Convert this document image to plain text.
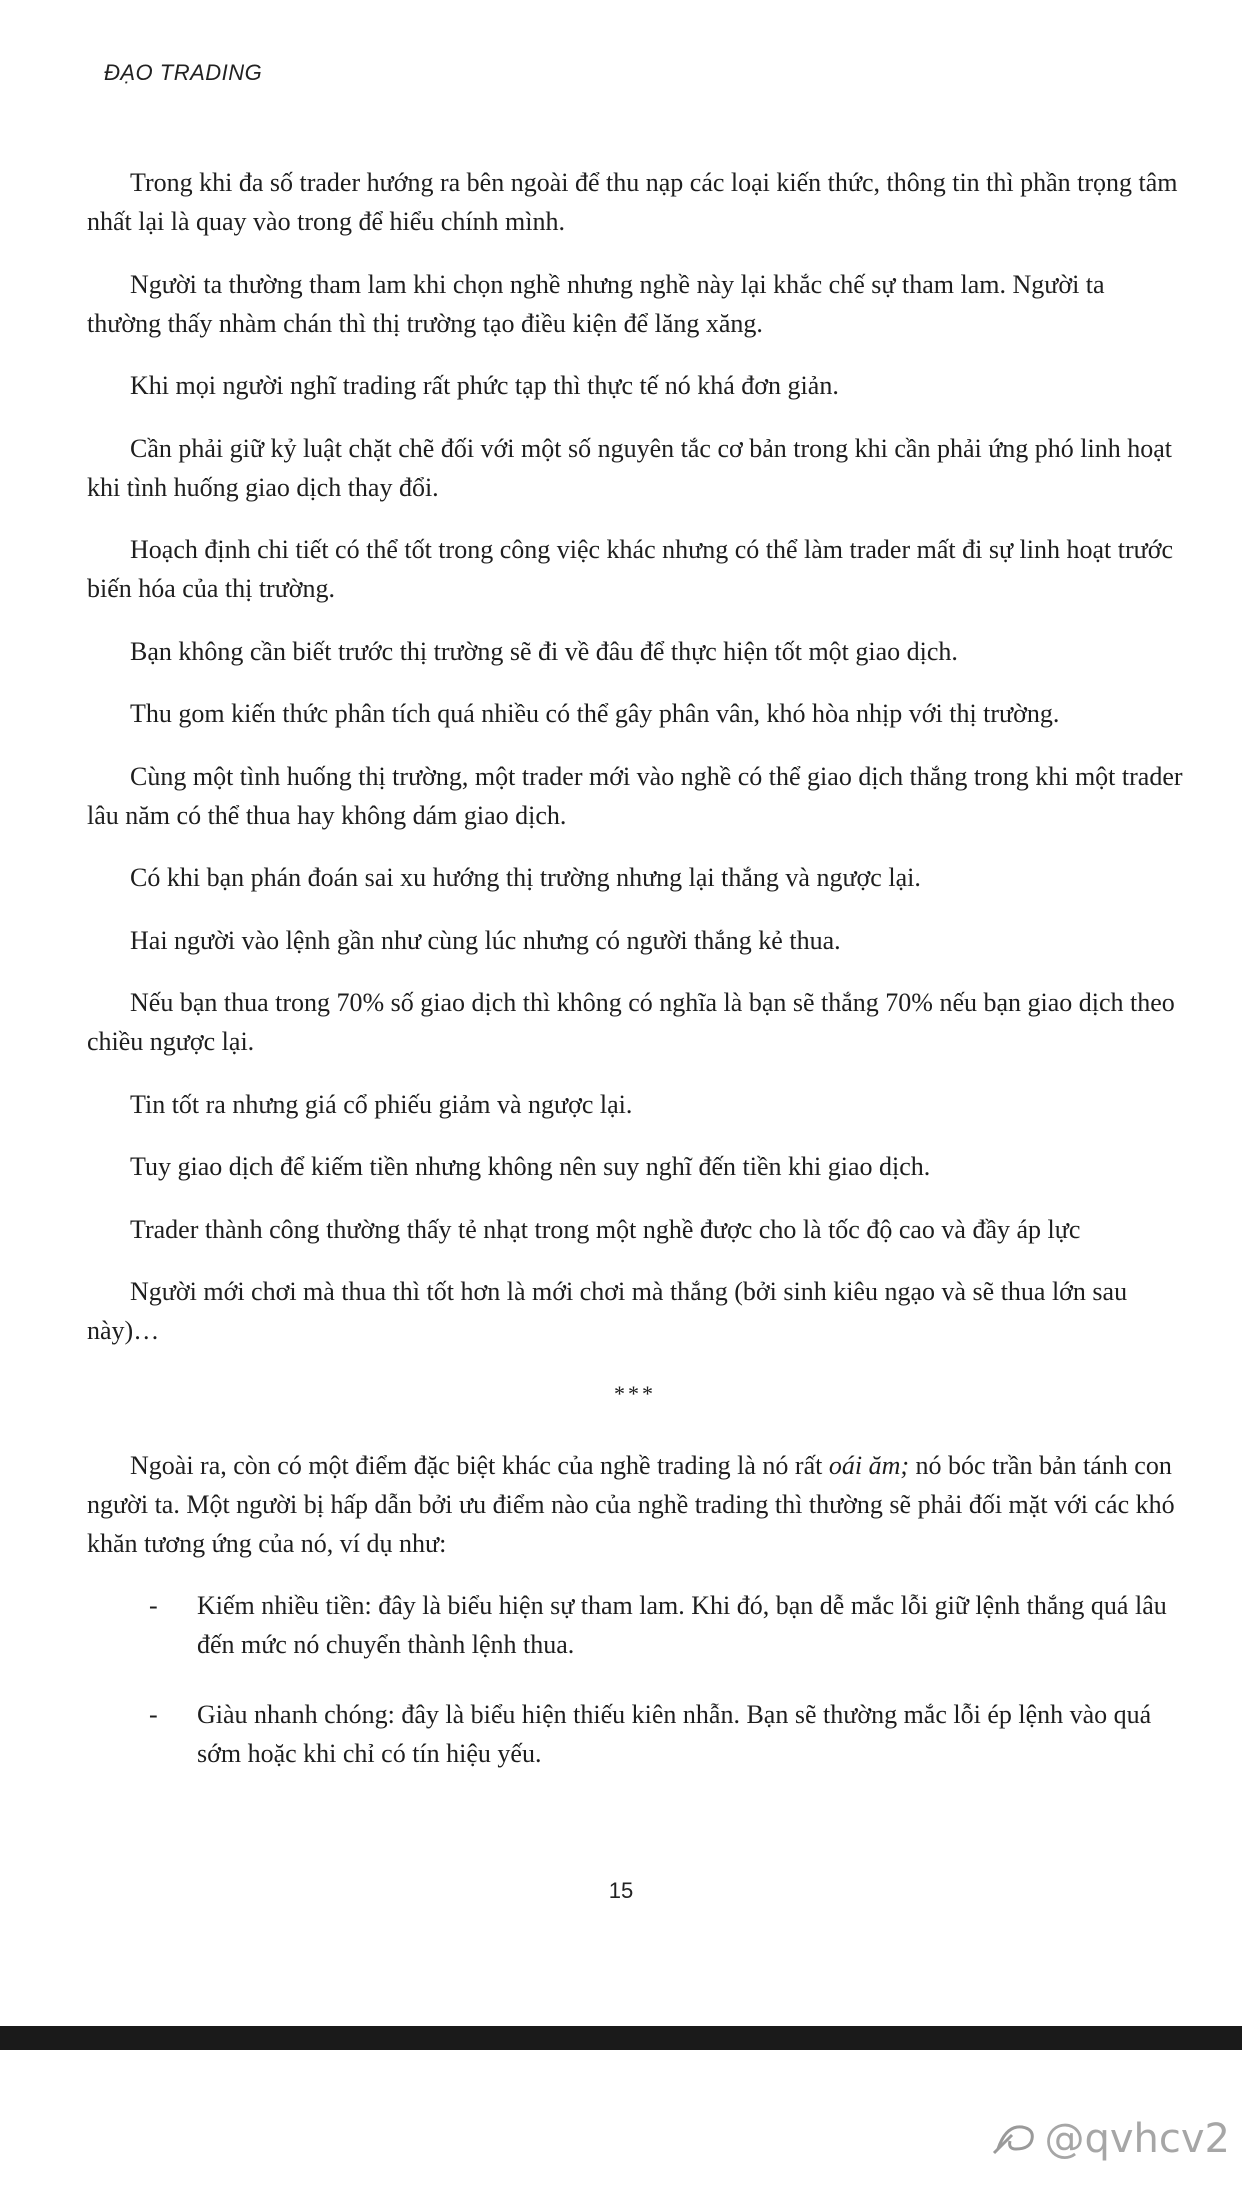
ĐẠO TRADING

Trong khi đa số trader hướng ra bên ngoài để thu nạp các loại kiến thức, thông tin thì phần trọng tâm nhất lại là quay vào trong để hiểu chính mình.

Người ta thường tham lam khi chọn nghề nhưng nghề này lại khắc chế sự tham lam. Người ta thường thấy nhàm chán thì thị trường tạo điều kiện để lăng xăng.

Khi mọi người nghĩ trading rất phức tạp thì thực tế nó khá đơn giản.

Cần phải giữ kỷ luật chặt chẽ đối với một số nguyên tắc cơ bản trong khi cần phải ứng phó linh hoạt khi tình huống giao dịch thay đổi.

Hoạch định chi tiết có thể tốt trong công việc khác nhưng có thể làm trader mất đi sự linh hoạt trước biến hóa của thị trường.

Bạn không cần biết trước thị trường sẽ đi về đâu để thực hiện tốt một giao dịch.

Thu gom kiến thức phân tích quá nhiều có thể gây phân vân, khó hòa nhịp với thị trường.

Cùng một tình huống thị trường, một trader mới vào nghề có thể giao dịch thắng trong khi một trader lâu năm có thể thua hay không dám giao dịch.

Có khi bạn phán đoán sai xu hướng thị trường nhưng lại thắng và ngược lại.

Hai người vào lệnh gần như cùng lúc nhưng có người thắng kẻ thua.

Nếu bạn thua trong 70% số giao dịch thì không có nghĩa là bạn sẽ thắng 70% nếu bạn giao dịch theo chiều ngược lại.

Tin tốt ra nhưng giá cổ phiếu giảm và ngược lại.

Tuy giao dịch để kiếm tiền nhưng không nên suy nghĩ đến tiền khi giao dịch.

Trader thành công thường thấy tẻ nhạt trong một nghề được cho là tốc độ cao và đầy áp lực

Người mới chơi mà thua thì tốt hơn là mới chơi mà thắng (bởi sinh kiêu ngạo và sẽ thua lớn sau này)…

***

Ngoài ra, còn có một điểm đặc biệt khác của nghề trading là nó rất oái ăm; nó bóc trần bản tánh con người ta. Một người bị hấp dẫn bởi ưu điểm nào của nghề trading thì thường sẽ phải đối mặt với các khó khăn tương ứng của nó, ví dụ như:

- Kiếm nhiều tiền: đây là biểu hiện sự tham lam. Khi đó, bạn dễ mắc lỗi giữ lệnh thắng quá lâu đến mức nó chuyển thành lệnh thua.
- Giàu nhanh chóng: đây là biểu hiện thiếu kiên nhẫn. Bạn sẽ thường mắc lỗi ép lệnh vào quá sớm hoặc khi chỉ có tín hiệu yếu.
15
@qvhcv2
